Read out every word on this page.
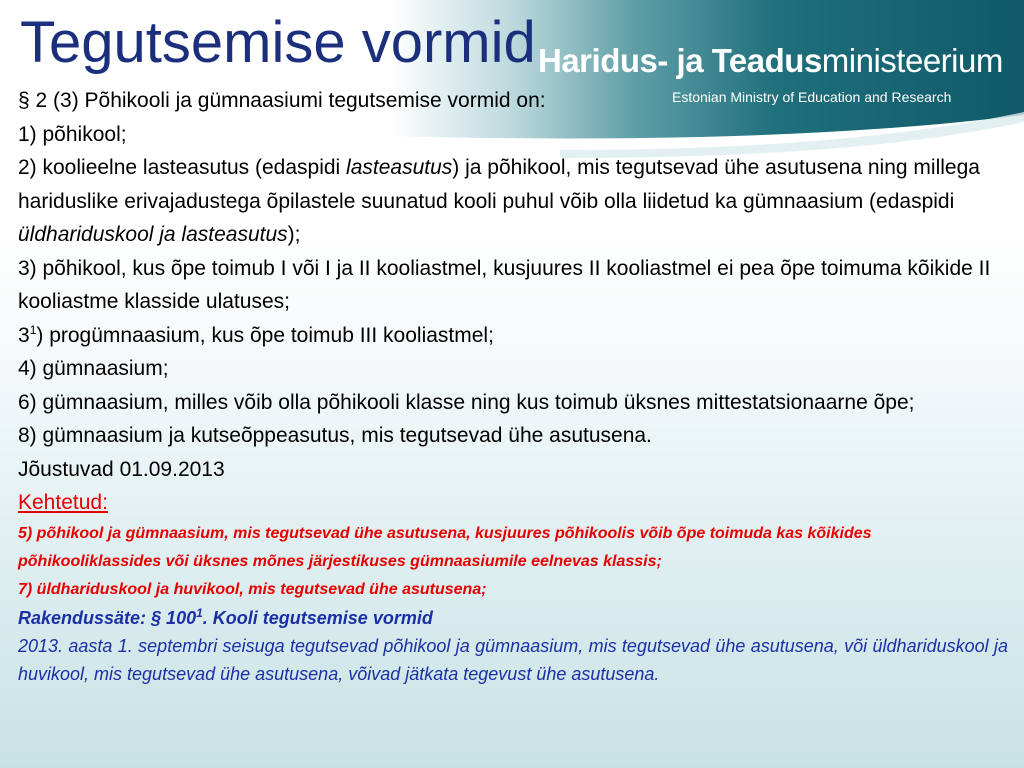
Haridus- ja Teadusministeerium
Estonian Ministry of Education and Research
Tegutsemise vormid

§ 2 (3) Põhikooli ja gümnaasiumi tegutsemise vormid on:

1) põhikool;

2) koolieelne lasteasutus (edaspidi lasteasutus) ja põhikool, mis tegutsevad ühe asutusena ning millega hariduslike erivajadustega õpilastele suunatud kooli puhul võib olla liidetud ka gümnaasium (edaspidi üldhariduskool ja lasteasutus);

3) põhikool, kus õpe toimub I või I ja II kooliastmel, kusjuures II kooliastmel ei pea õpe toimuma kõikide II kooliastme klasside ulatuses;

$3^1$) progümnaasium, kus õpe toimub III kooliastmel;

4) gümnaasium;

6) gümnaasium, milles võib olla põhikooli klasse ning kus toimub üksnes mittestatsionaarne õpe;

8) gümnaasium ja kutseõppeasutus, mis tegutsevad ühe asutusena.

Jõustuvad 01.09.2013

Kehtetud:

5) põhikool ja gümnaasium, mis tegutsevad ühe asutusena, kusjuures põhikoolis võib õpe toimuda kas kõikides põhikooliklassides või üksnes mõnes järjestikuses gümnaasiumile eelnevas klassis;

7) üldhariduskool ja huvikool, mis tegutsevad ühe asutusena;

Rakendussäte: § $100^1$. Kooli tegutsemise vormid

2013. aasta 1. septembri seisuga tegutsevad põhikool ja gümnaasium, mis tegutsevad ühe asutusena, või üldhariduskool ja huvikool, mis tegutsevad ühe asutusena, võivad jätkata tegevust ühe asutusena.
